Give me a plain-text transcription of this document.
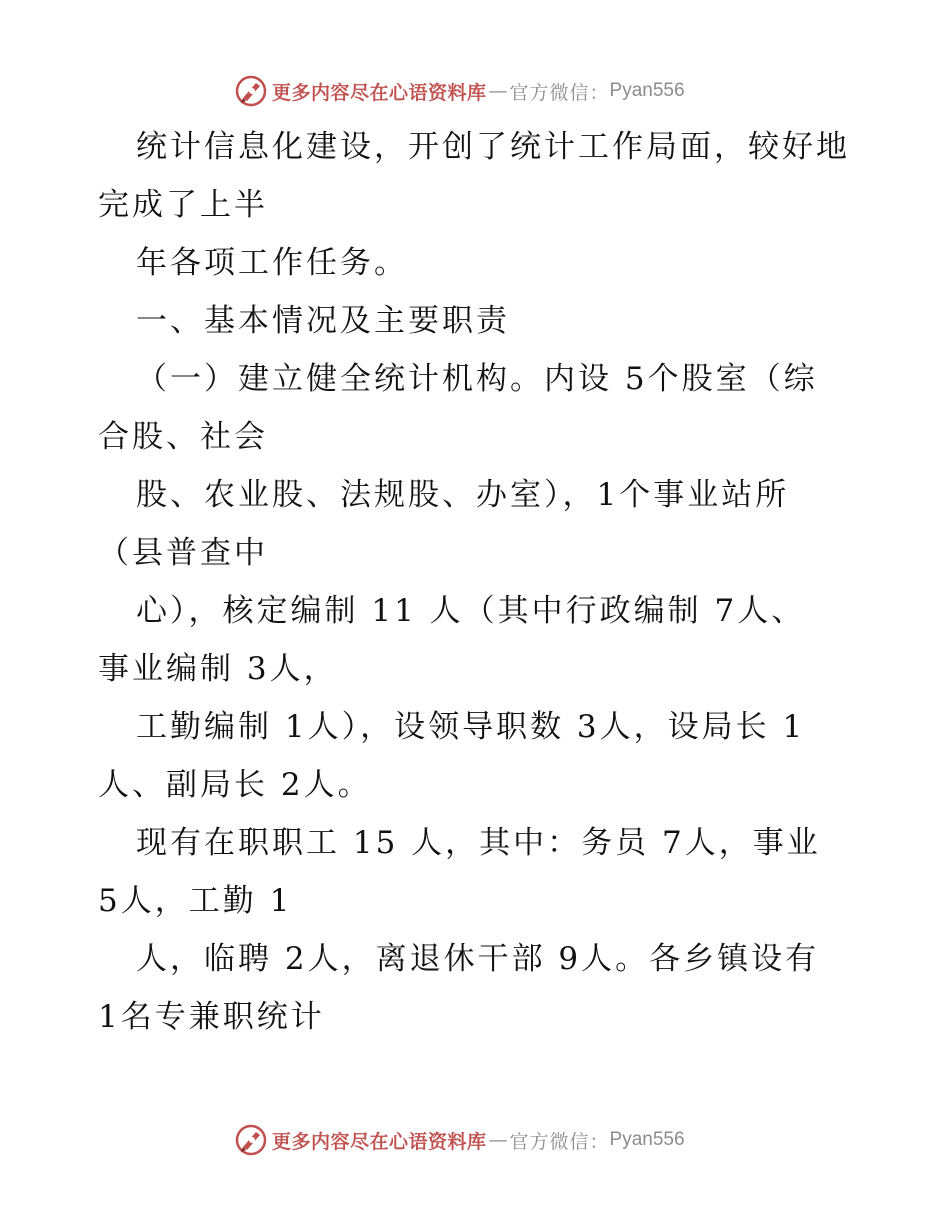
更多内容尽在心语资料库 — 官方微信： Pyan556
统计信息化建设，开创了统计工作局面，较好地
完成了上半
年各项工作任务。
一、基本情况及主要职责
（一）建立健全统计机构。内设 5个股室（综
合股、社会
股、农业股、法规股、办室），1个事业站所
（县普查中
心），核定编制 11 人（其中行政编制 7人、
事业编制 3人，
工勤编制 1人），设领导职数 3人，设局长 1
人、副局长 2人。
现有在职职工 15 人，其中：务员 7人，事业
5人，工勤 1
人，临聘 2人，离退休干部 9人。各乡镇设有
1名专兼职统计
更多内容尽在心语资料库 — 官方微信： Pyan556
